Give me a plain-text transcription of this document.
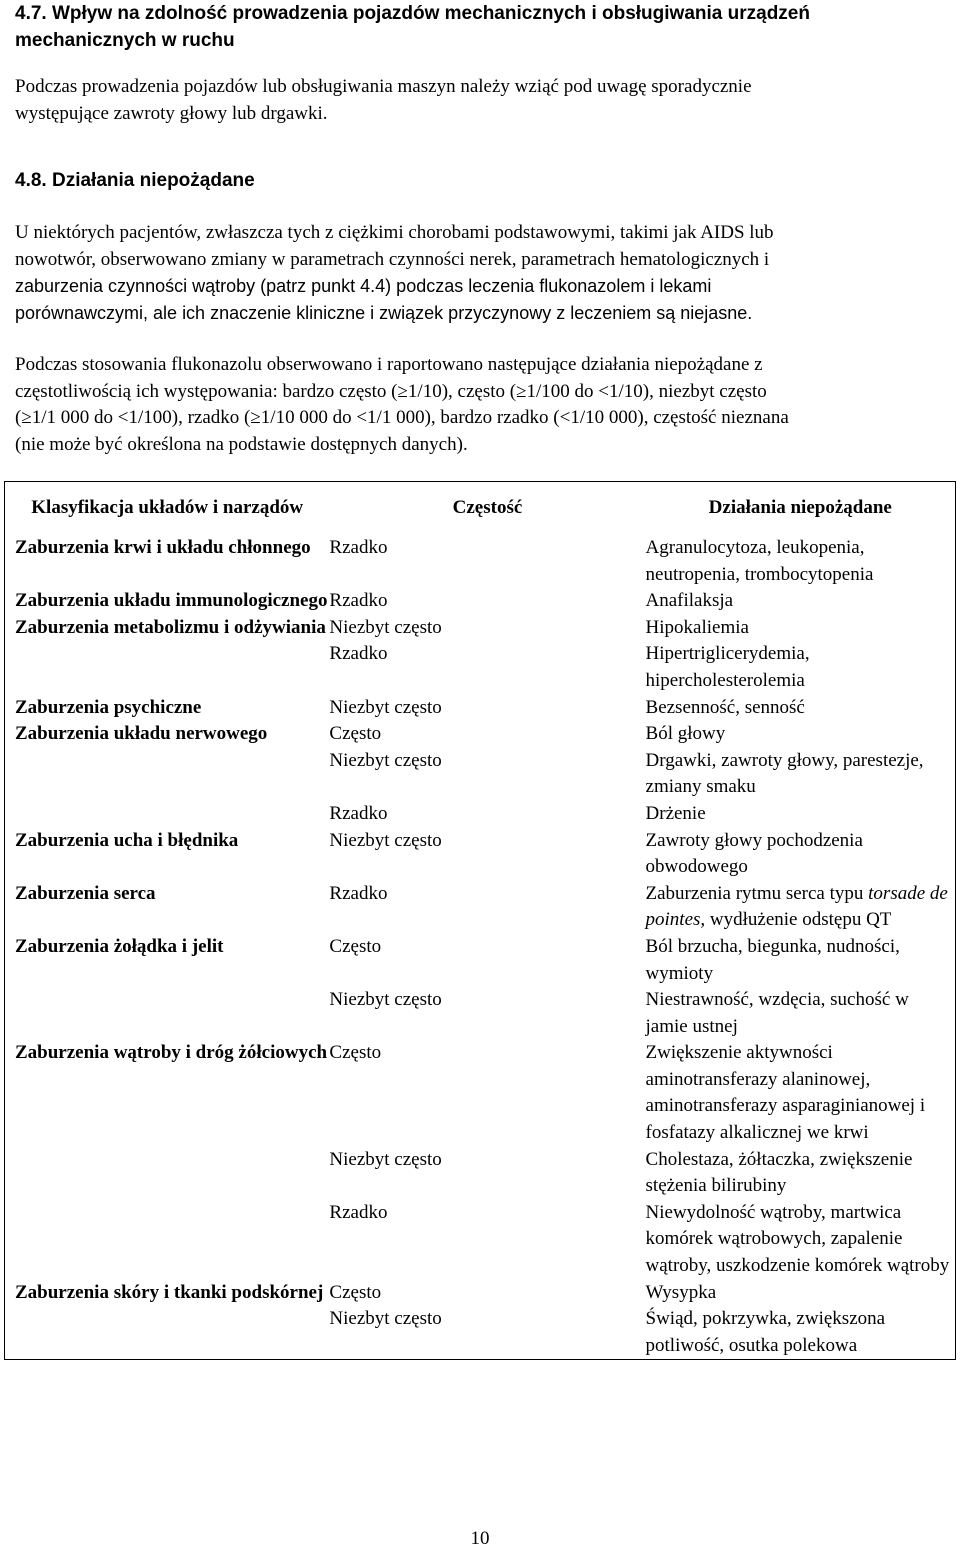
4.7. Wpływ na zdolność prowadzenia pojazdów mechanicznych i obsługiwania urządzeń
mechanicznych w ruchu
Podczas prowadzenia pojazdów lub obsługiwania maszyn należy wziąć pod uwagę sporadycznie
występujące zawroty głowy lub drgawki.
4.8. Działania niepożądane
U niektórych pacjentów, zwłaszcza tych z ciężkimi chorobami podstawowymi, takimi jak AIDS lub
nowotwór, obserwowano zmiany w parametrach czynności nerek, parametrach hematologicznych i
zaburzenia czynności wątroby (patrz punkt 4.4) podczas leczenia flukonazolem i lekami
porównawczymi, ale ich znaczenie kliniczne i związek przyczynowy z leczeniem są niejasne.
Podczas stosowania flukonazolu obserwowano i raportowano następujące działania niepożądane z
częstotliwością ich występowania: bardzo często (≥1/10), często (≥1/100 do <1/10), niezbyt często
(≥1/1 000 do <1/100), rzadko (≥1/10 000 do <1/1 000), bardzo rzadko (<1/10 000), częstość nieznana
(nie może być określona na podstawie dostępnych danych).
Klasyfikacja układów i narządów	Częstość	Działania niepożądane
Zaburzenia krwi i układu chłonnego	Rzadko	Agranulocytoza, leukopenia, neutropenia, trombocytopenia
Zaburzenia układu immunologicznego	Rzadko	Anafilaksja
Zaburzenia metabolizmu i odżywiania	Niezbyt często	Hipokaliemia
	Rzadko	Hipertriglicerydemia, hipercholesterolemia
Zaburzenia psychiczne	Niezbyt często	Bezsenność, senność
Zaburzenia układu nerwowego	Często	Ból głowy
	Niezbyt często	Drgawki, zawroty głowy, parestezje, zmiany smaku
	Rzadko	Drżenie
Zaburzenia ucha i błędnika	Niezbyt często	Zawroty głowy pochodzenia obwodowego
Zaburzenia serca	Rzadko	Zaburzenia rytmu serca typu torsade de pointes, wydłużenie odstępu QT
Zaburzenia żołądka i jelit	Często	Ból brzucha, biegunka, nudności, wymioty
	Niezbyt często	Niestrawność, wzdęcia, suchość w jamie ustnej
Zaburzenia wątroby i dróg żółciowych	Często	Zwiększenie aktywności aminotransferazy alaninowej, aminotransferazy asparaginianowej i fosfatazy alkalicznej we krwi
	Niezbyt często	Cholestaza, żółtaczka, zwiększenie stężenia bilirubiny
	Rzadko	Niewydolność wątroby, martwica komórek wątrobowych, zapalenie wątroby, uszkodzenie komórek wątroby
Zaburzenia skóry i tkanki podskórnej	Często	Wysypka
	Niezbyt często	Świąd, pokrzywka, zwiększona potliwość, osutka polekowa
10
